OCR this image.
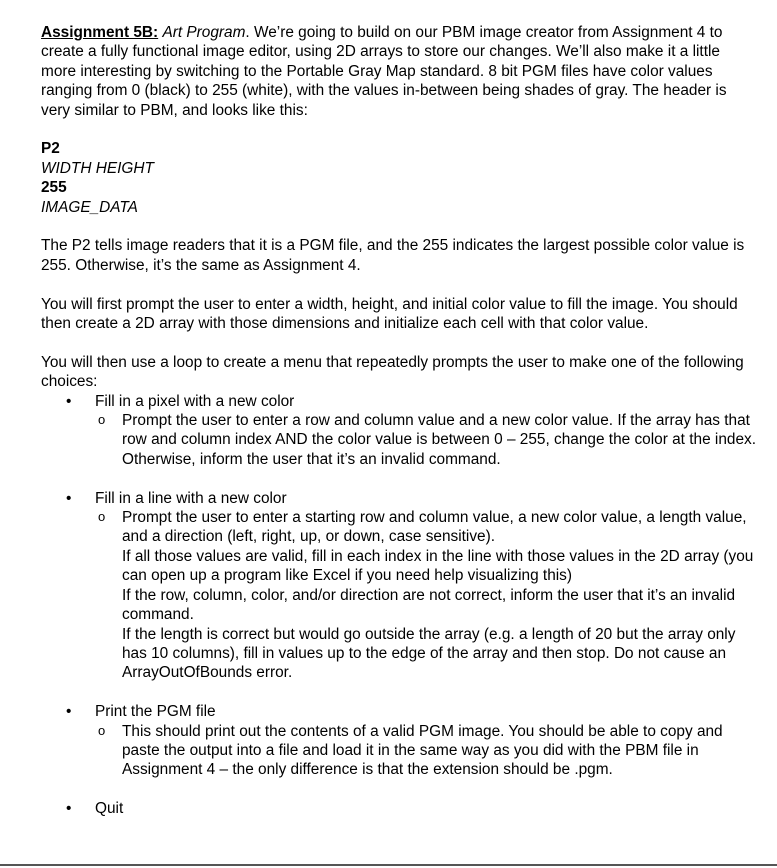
Assignment 5B: Art Program. We’re going to build on our PBM image creator from Assignment 4 to create a fully functional image editor, using 2D arrays to store our changes. We’ll also make it a little more interesting by switching to the Portable Gray Map standard. 8 bit PGM files have color values ranging from 0 (black) to 255 (white), with the values in-between being shades of gray. The header is very similar to PBM, and looks like this:

P2

WIDTH HEIGHT

255

IMAGE_DATA

The P2 tells image readers that it is a PGM file, and the 255 indicates the largest possible color value is 255. Otherwise, it’s the same as Assignment 4.

You will first prompt the user to enter a width, height, and initial color value to fill the image. You should then create a 2D array with those dimensions and initialize each cell with that color value.

You will then use a loop to create a menu that repeatedly prompts the user to make one of the following choices:

• Fill in a pixel with a new color
o Prompt the user to enter a row and column value and a new color value. If the array has that row and column index AND the color value is between 0 – 255, change the color at the index.

Otherwise, inform the user that it’s an invalid command.

• Fill in a line with a new color
o Prompt the user to enter a starting row and column value, a new color value, a length value, and a direction (left, right, up, or down, case sensitive).

If all those values are valid, fill in each index in the line with those values in the 2D array (you can open up a program like Excel if you need help visualizing this)

If the row, column, color, and/or direction are not correct, inform the user that it’s an invalid command.

If the length is correct but would go outside the array (e.g. a length of 20 but the array only has 10 columns), fill in values up to the edge of the array and then stop. Do not cause an ArrayOutOfBounds error.

• Print the PGM file
o This should print out the contents of a valid PGM image. You should be able to copy and paste the output into a file and load it in the same way as you did with the PBM file in Assignment 4 – the only difference is that the extension should be .pgm.

• Quit
